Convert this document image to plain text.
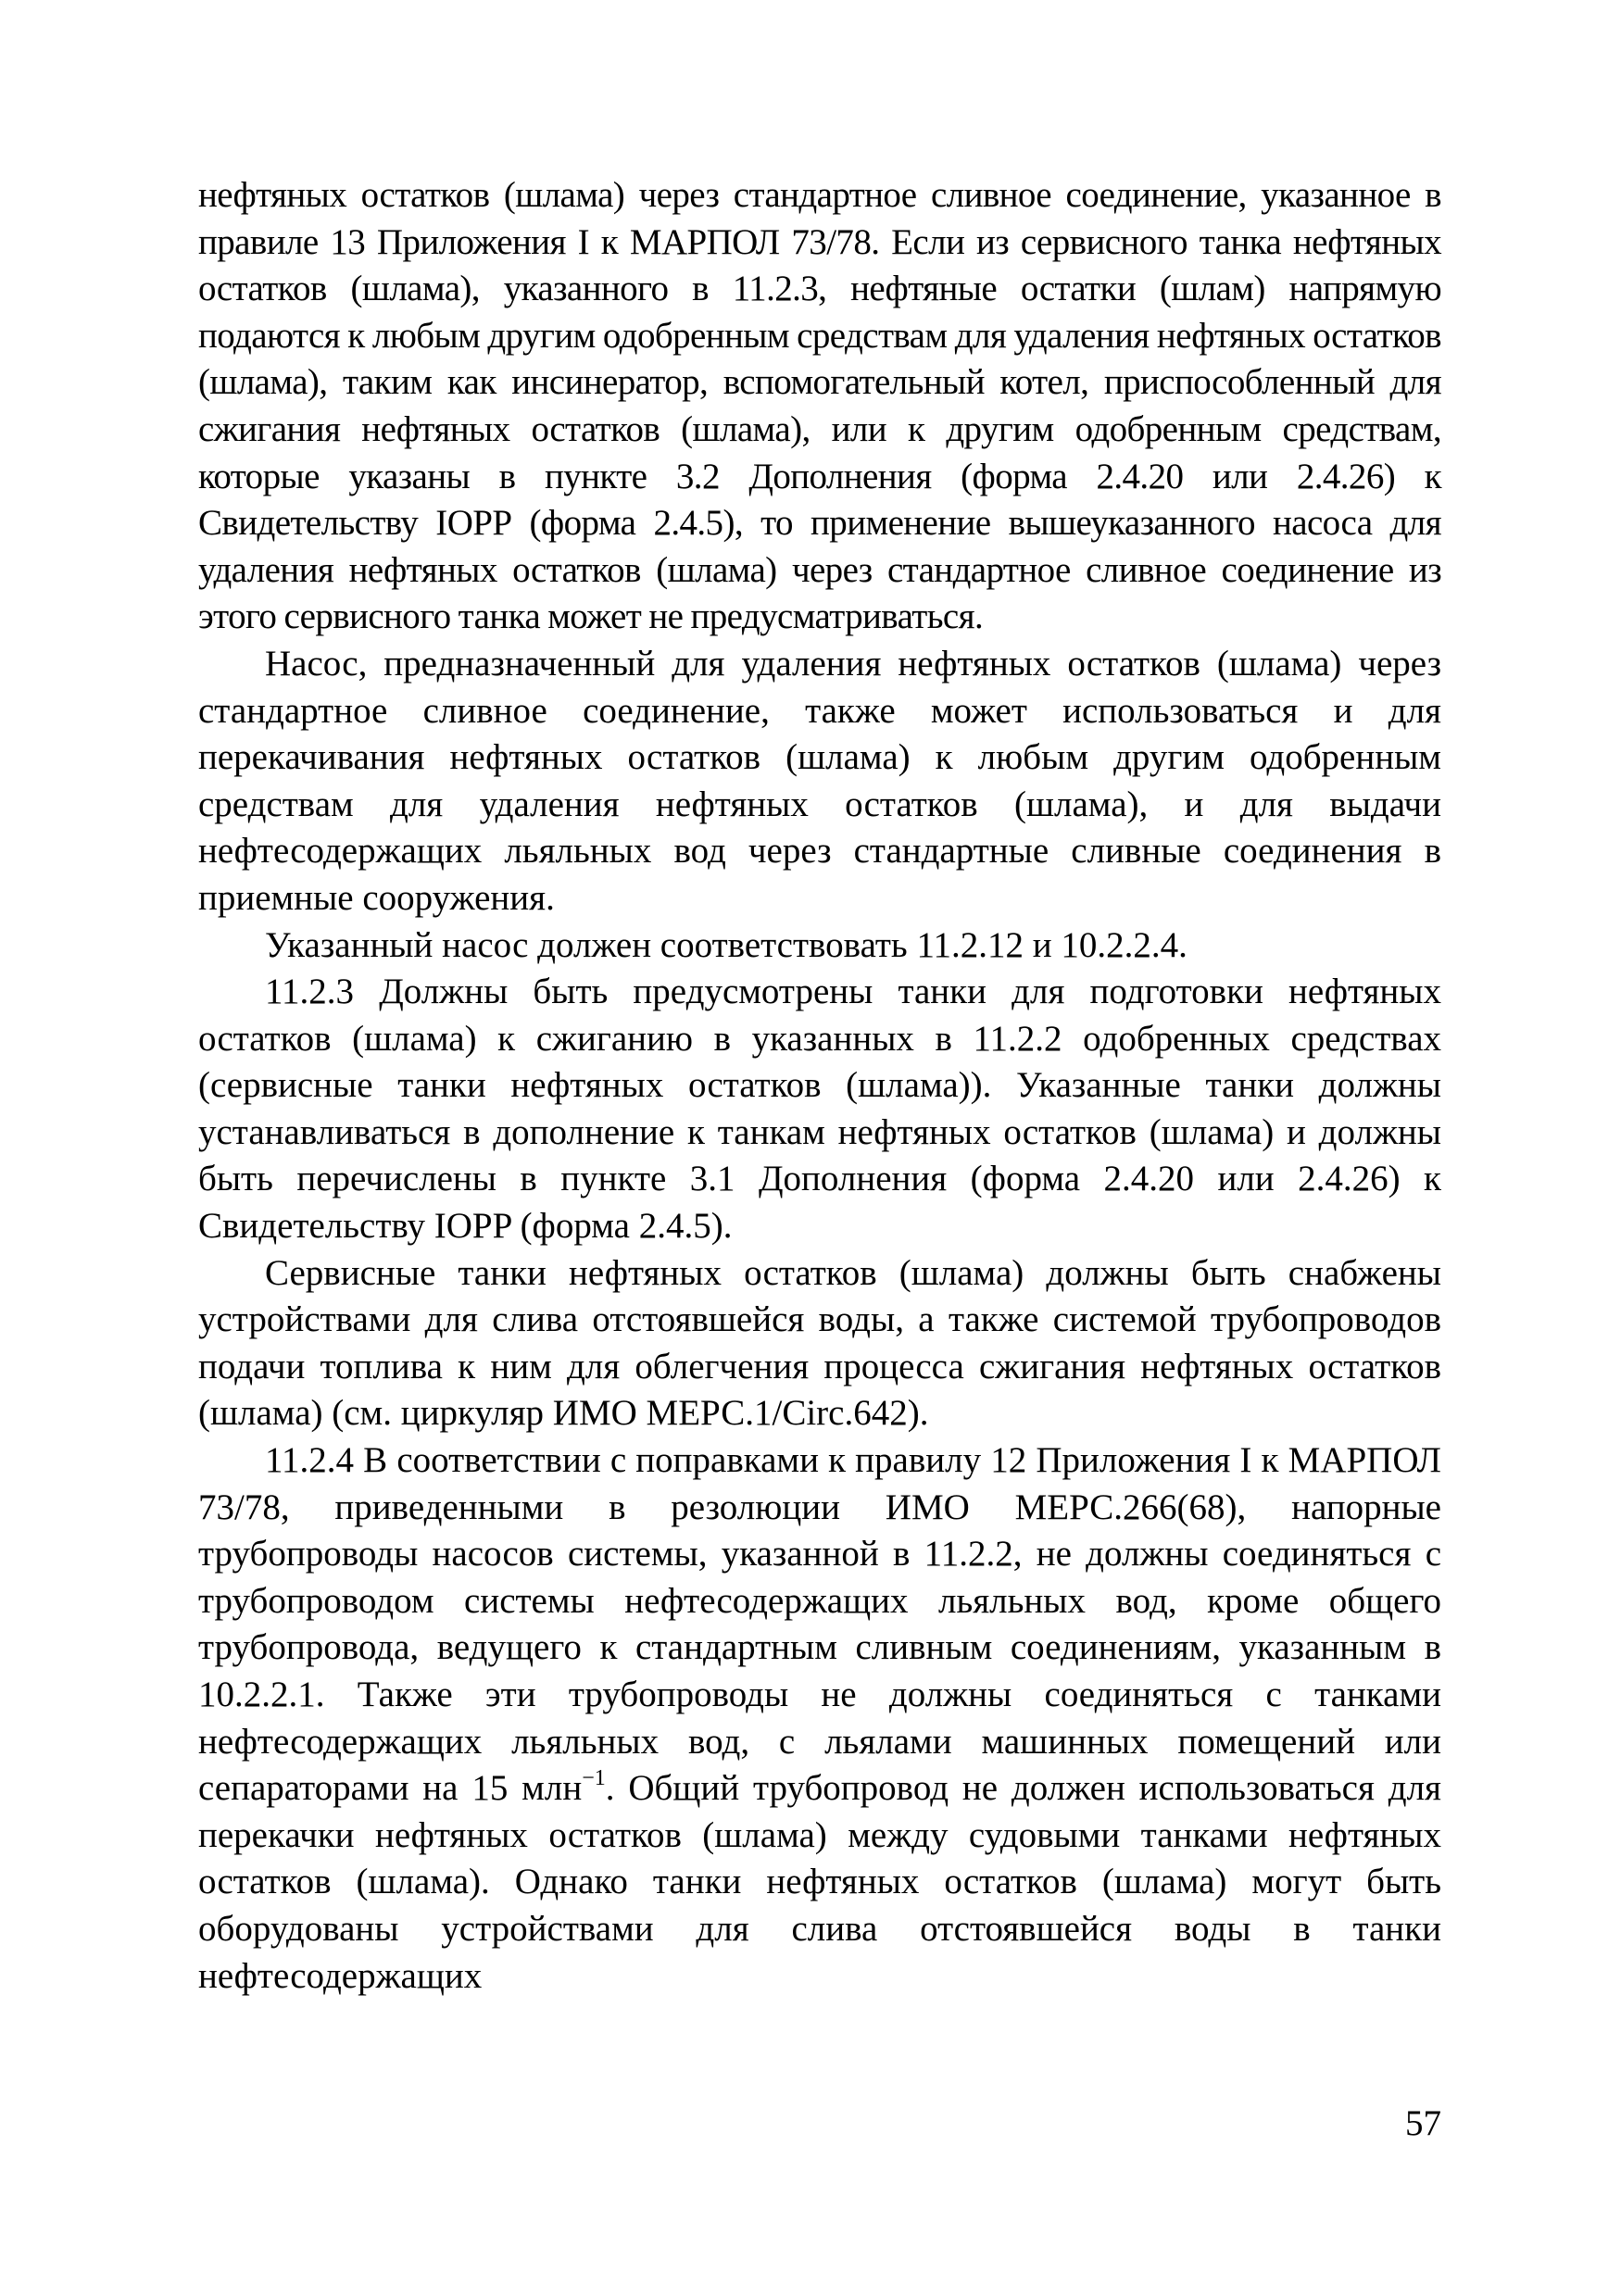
нефтяных остатков (шлама) через стандартное сливное соединение, указанное в правиле 13 Приложения I к МАРПОЛ 73/78. Если из сервисного танка нефтяных остатков (шлама), указанного в 11.2.3, нефтяные остатки (шлам) напрямую подаются к любым другим одобренным средствам для удаления нефтяных остатков (шлама), таким как инсинератор, вспомогательный котел, приспособленный для сжигания нефтяных остатков (шлама), или к другим одобренным средствам, которые указаны в пункте 3.2 Дополнения (форма 2.4.20 или 2.4.26) к Свидетельству ІОРР (форма 2.4.5), то применение вышеуказанного насоса для удаления нефтяных остатков (шлама) через стандартное сливное соединение из этого сервисного танка может не предусматриваться.

Насос, предназначенный для удаления нефтяных остатков (шлама) через стандартное сливное соединение, также может использоваться и для перекачивания нефтяных остатков (шлама) к любым другим одобренным средствам для удаления нефтяных остатков (шлама), и для выдачи нефтесодержащих льяльных вод через стандартные сливные соединения в приемные сооружения.

Указанный насос должен соответствовать 11.2.12 и 10.2.2.4.

11.2.3 Должны быть предусмотрены танки для подготовки нефтяных остатков (шлама) к сжиганию в указанных в 11.2.2 одобренных средствах (сервисные танки нефтяных остатков (шлама)). Указанные танки должны устанавливаться в дополнение к танкам нефтяных остатков (шлама) и должны быть перечислены в пункте 3.1 Дополнения (форма 2.4.20 или 2.4.26) к Свидетельству IOPP (форма 2.4.5).

Сервисные танки нефтяных остатков (шлама) должны быть снабжены устройствами для слива отстоявшейся воды, а также системой трубопроводов подачи топлива к ним для облегчения процесса сжигания нефтяных остатков (шлама) (см. циркуляр ИМО МЕРС.1/Circ.642).

11.2.4 В соответствии с поправками к правилу 12 Приложения I к МАРПОЛ 73/78, приведенными в резолюции ИМО МЕРС.266(68), напорные трубопроводы насосов системы, указанной в 11.2.2, не должны соединяться с трубопроводом системы нефтесодержащих льяльных вод, кроме общего трубопровода, ведущего к стандартным сливным соединениям, указанным в 10.2.2.1. Также эти трубопроводы не должны соединяться с танками нефтесодержащих льяльных вод, с льялами машинных помещений или сепараторами на 15 млн$^{-1}$. Общий трубопровод не должен использоваться для перекачки нефтяных остатков (шлама) между судовыми танками нефтяных остатков (шлама). Однако танки нефтяных остатков (шлама) могут быть оборудованы устройствами для слива отстоявшейся воды в танки нефтесодержащих

57
